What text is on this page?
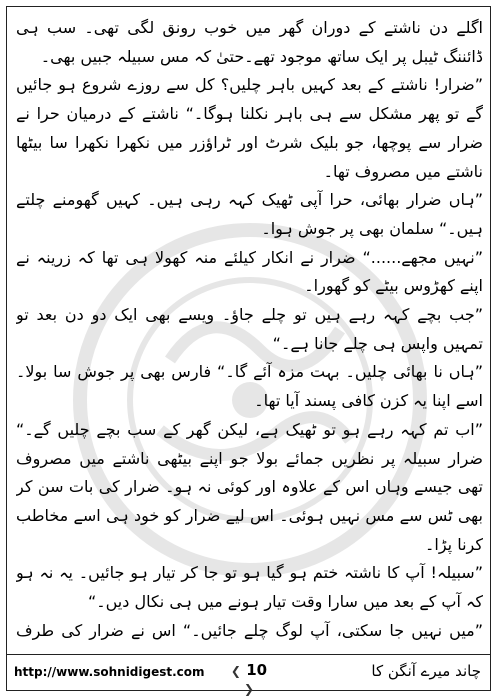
اگلے دن ناشتے کے دوران گھر میں خوب رونق لگی تھی۔ سب ہی ڈائننگ ٹیبل پر ایک ساتھ موجود تھے۔حتیٰ کہ مس سبیلہ جبیں بھی۔

”ضرار! ناشتے کے بعد کہیں باہر چلیں؟ کل سے روزے شروع ہو جائیں گے تو پھر مشکل سے ہی باہر نکلنا ہوگا۔“ ناشتے کے درمیان حرا نے ضرار سے پوچھا، جو بلیک شرٹ اور ٹراؤزر میں نکھرا نکھرا سا بیٹھا ناشتے میں مصروف تھا۔

”ہاں ضرار بھائی، حرا آپی ٹھیک کہہ رہی ہیں۔ کہیں گھومنے چلتے ہیں۔“ سلمان بھی پر جوش ہوا۔

”نہیں مجھے......“ ضرار نے انکار کیلئے منہ کھولا ہی تھا کہ زرینہ نے اپنے کھڑوس بیٹے کو گھورا۔

”جب بچے کہہ رہے ہیں تو چلے جاؤ۔ ویسے بھی ایک دو دن بعد تو تمہیں واپس ہی چلے جانا ہے۔“

”ہاں نا بھائی چلیں۔ بہت مزہ آئے گا۔“ فارس بھی پر جوش سا بولا۔ اسے اپنا یہ کزن کافی پسند آیا تھا۔

”اب تم کہہ رہے ہو تو ٹھیک ہے، لیکن گھر کے سب بچے چلیں گے۔“ ضرار سبیلہ پر نظریں جمائے بولا جو اپنے بیٹھی ناشتے میں مصروف تھی جیسے وہاں اس کے علاوہ اور کوئی نہ ہو۔ ضرار کی بات سن کر بھی ٹس سے مس نہیں ہوئی۔ اس لیے ضرار کو خود ہی اسے مخاطب کرنا پڑا۔

”سبیلہ! آپ کا ناشتہ ختم ہو گیا ہو تو جا کر تیار ہو جائیں۔ یہ نہ ہو کہ آپ کے بعد میں سارا وقت تیار ہونے میں ہی نکال دیں۔“

”میں نہیں جا سکتی، آپ لوگ چلے جائیں۔“ اس نے ضرار کی طرف

http://www.sohnidigest.com	❮ 10 ❯
چاند میرے آنگن کا
